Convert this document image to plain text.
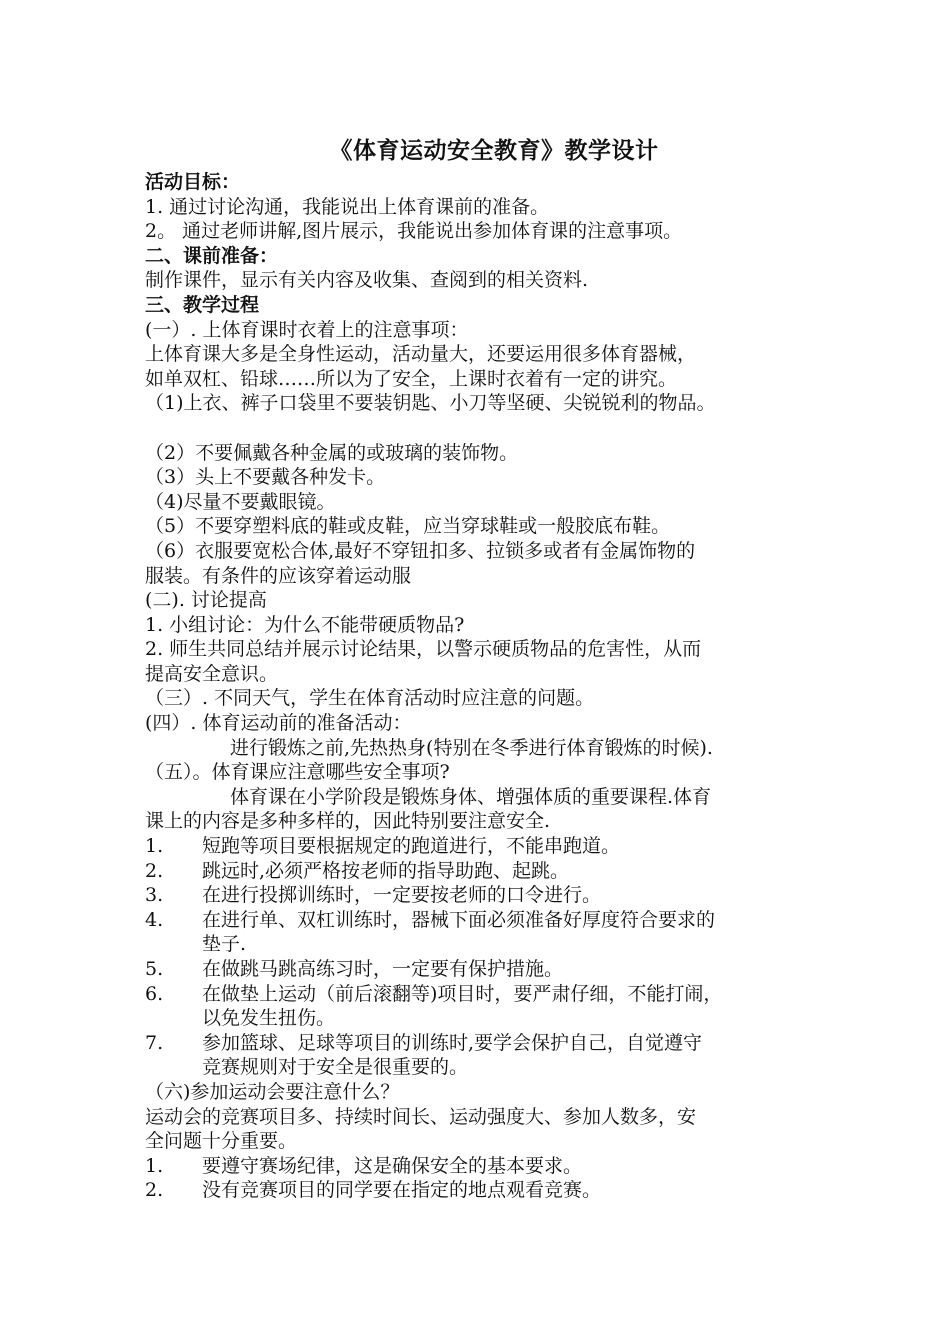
《体育运动安全教育》教学设计
活动目标：
1. 通过讨论沟通，我能说出上体育课前的准备。
2。 通过老师讲解,图片展示，我能说出参加体育课的注意事项。
二、课前准备：
制作课件，显示有关内容及收集、查阅到的相关资料.
三、教学过程
(一）. 上体育课时衣着上的注意事项：
上体育课大多是全身性运动，活动量大，还要运用很多体育器械，
如单双杠、铅球……所以为了安全，上课时衣着有一定的讲究。
（1)上衣、裤子口袋里不要装钥匙、小刀等坚硬、尖锐锐利的物品。
（2）不要佩戴各种金属的或玻璃的装饰物。
（3）头上不要戴各种发卡。
（4)尽量不要戴眼镜。
（5）不要穿塑料底的鞋或皮鞋，应当穿球鞋或一般胶底布鞋。
（6）衣服要宽松合体,最好不穿钮扣多、拉锁多或者有金属饰物的
服装。有条件的应该穿着运动服
(二). 讨论提高
1. 小组讨论：为什么不能带硬质物品?
2. 师生共同总结并展示讨论结果，以警示硬质物品的危害性，从而
提高安全意识。
（三）. 不同天气，学生在体育活动时应注意的问题。
(四）. 体育运动前的准备活动：
进行锻炼之前,先热热身(特别在冬季进行体育锻炼的时候).
（五）。体育课应注意哪些安全事项?
体育课在小学阶段是锻炼身体、增强体质的重要课程.体育
课上的内容是多种多样的，因此特别要注意安全.
1. 短跑等项目要根据规定的跑道进行，不能串跑道。
2. 跳远时,必须严格按老师的指导助跑、起跳。
3. 在进行投掷训练时，一定要按老师的口令进行。
4. 在进行单、双杠训练时，器械下面必须准备好厚度符合要求的
垫子.
5. 在做跳马跳高练习时，一定要有保护措施。
6. 在做垫上运动（前后滚翻等)项目时，要严肃仔细，不能打闹，
以免发生扭伤。
7. 参加篮球、足球等项目的训练时,要学会保护自己，自觉遵守
竞赛规则对于安全是很重要的。
（六)参加运动会要注意什么？
运动会的竞赛项目多、持续时间长、运动强度大、参加人数多，安
全问题十分重要。
1. 要遵守赛场纪律，这是确保安全的基本要求。
2. 没有竞赛项目的同学要在指定的地点观看竞赛。
